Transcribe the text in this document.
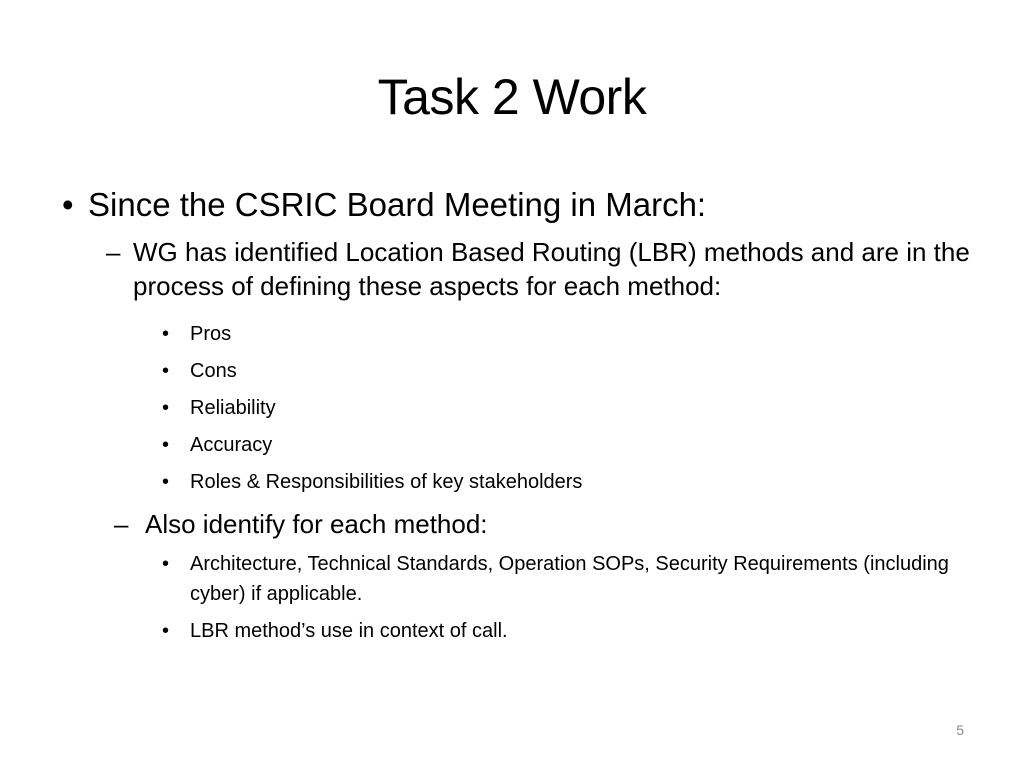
Task 2 Work
• Since the CSRIC Board Meeting in March:
– WG has identified Location Based Routing (LBR) methods and are in the process of defining these aspects for each method:
•	Pros
•	Cons
•	Reliability
•	Accuracy
•	Roles & Responsibilities of key stakeholders
– Also identify for each method:
•	Architecture, Technical Standards, Operation SOPs, Security Requirements (including cyber) if applicable.
•	LBR method’s use in context of call.
5
